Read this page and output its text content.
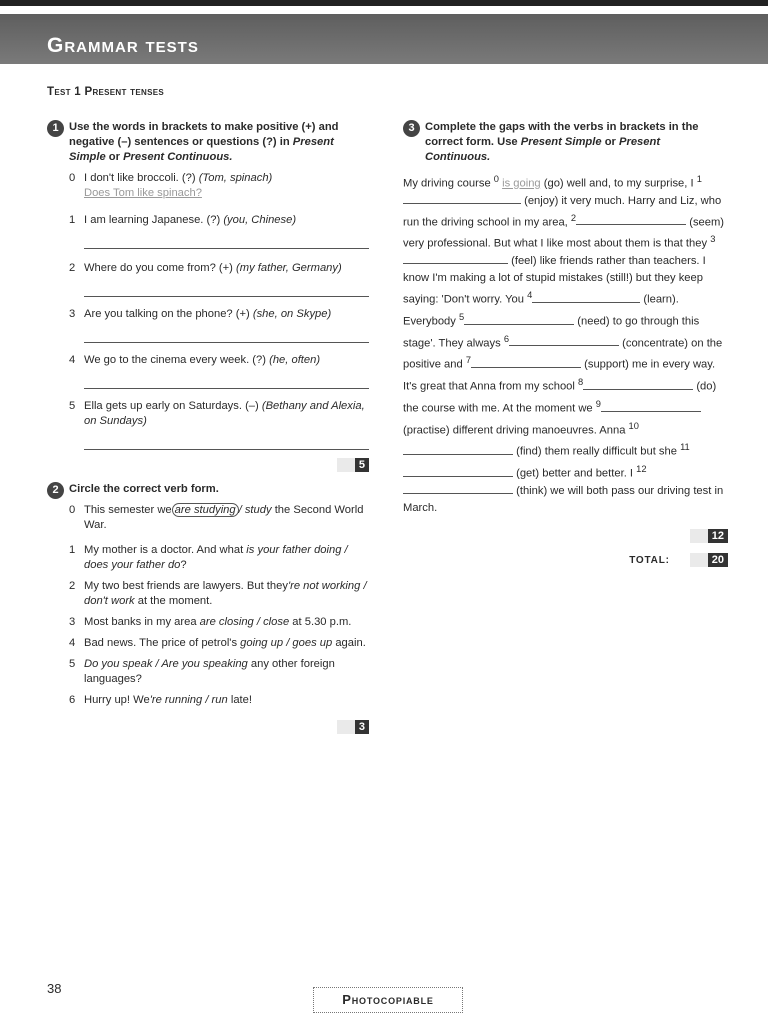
Grammar tests
Test 1 Present tenses
1 Use the words in brackets to make positive (+) and negative (–) sentences or questions (?) in Present Simple or Present Continuous.
0 I don't like broccoli. (?) (Tom, spinach)
Does Tom like spinach?
1 I am learning Japanese. (?) (you, Chinese)
2 Where do you come from? (+) (my father, Germany)
3 Are you talking on the phone? (+) (she, on Skype)
4 We go to the cinema every week. (?) (he, often)
5 Ella gets up early on Saturdays. (–) (Bethany and Alexia, on Sundays)
5
2 Circle the correct verb form.
0 This semester we are studying / study the Second World War.
1 My mother is a doctor. And what is your father doing / does your father do?
2 My two best friends are lawyers. But they're not working / don't work at the moment.
3 Most banks in my area are closing / close at 5.30 p.m.
4 Bad news. The price of petrol's going up / goes up again.
5 Do you speak / Are you speaking any other foreign languages?
6 Hurry up! We're running / run late!
3
3 Complete the gaps with the verbs in brackets in the correct form. Use Present Simple or Present Continuous.
My driving course $^0$ is going (go) well and, to my surprise, I $^1$ (enjoy) it very much. Harry and Liz, who run the driving school in my area, $^2$	(seem) very professional. But what I like most about them is that they $^3$ (feel) like friends rather than teachers. I know I'm making a lot of stupid mistakes (still!) but they keep saying: 'Don't worry. You $^4$	(learn). Everybody $^5$	(need) to go through this stage'. They always $^6$	(concentrate) on the positive and $^7$	(support) me in every way.
It's great that Anna from my school $^8$	(do) the course with me. At the moment we $^9$ (practise) different driving manoeuvres. Anna $^{10}$ (find) them really difficult but she $^{11}$ (get) better and better. I $^{12}$ (think) we will both pass our driving test in March.
12
TOTAL:	20
38
Photocopiable
